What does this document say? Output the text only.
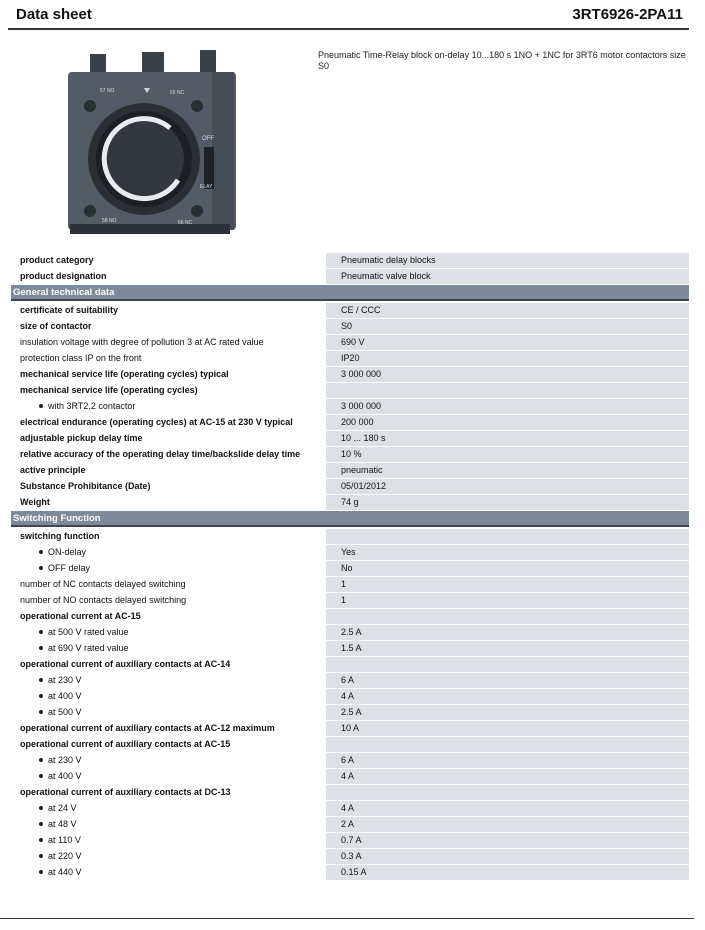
Data sheet	3RT6926-2PA11
57 NO	65 NC
OFF
ELAY
58 NO	66 NC
Pneumatic Time-Relay block on-delay 10...180 s 1NO + 1NC for 3RT6 motor contactors size S0
product category	Pneumatic delay blocks
product designation	Pneumatic valve block
General technical data
certificate of suitability	CE / CCC
size of contactor	S0
insulation voltage with degree of pollution 3 at AC rated value	690 V
protection class IP on the front	IP20
mechanical service life (operating cycles) typical	3 000 000
mechanical service life (operating cycles)
with 3RT2.2 contactor	3 000 000
electrical endurance (operating cycles) at AC-15 at 230 V typical	200 000
adjustable pickup delay time	10 ... 180 s
relative accuracy of the operating delay time/backslide delay time	10 %
active principle	pneumatic
Substance Prohibitance (Date)	05/01/2012
Weight	74 g
Switching Function
switching function
ON-delay	Yes
OFF delay	No
number of NC contacts delayed switching	1
number of NO contacts delayed switching	1
operational current at AC-15
at 500 V rated value	2.5 A
at 690 V rated value	1.5 A
operational current of auxiliary contacts at AC-14
at 230 V	6 A
at 400 V	4 A
at 500 V	2.5 A
operational current of auxiliary contacts at AC-12 maximum	10 A
operational current of auxiliary contacts at AC-15
at 230 V	6 A
at 400 V	4 A
operational current of auxiliary contacts at DC-13
at 24 V	4 A
at 48 V	2 A
at 110 V	0.7 A
at 220 V	0.3 A
at 440 V	0.15 A
